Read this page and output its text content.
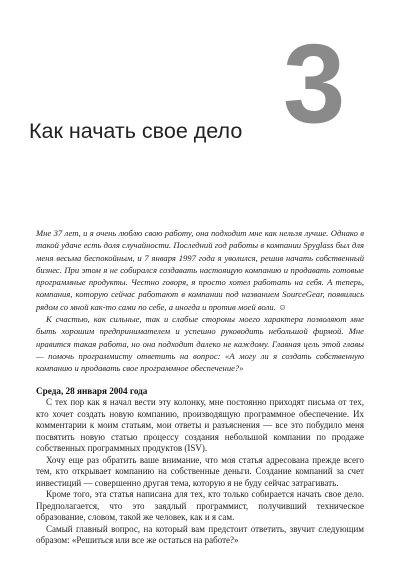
3
Как начать свое дело

Мне 37 лет, и я очень люблю свою работу, она подходит мне как нельзя лучше. Однако в такой удаче есть доля случайности. Последний год работы в компании Spyglass был для меня весьма беспокойным, и 7 января 1997 года я уволился, решив начать собственный бизнес. При этом я не собирался создавать настоящую компанию и продавать готовые программные продукты. Честно говоря, я просто хотел работать на себя. А теперь, компания, которую сейчас работают в компании под названием SourceGear, появились рядом со мной как-то сами по себе, а иногда и против моей воли. ☺

К счастью, как сильные, так и слабые стороны моего характера позволяют мне быть хорошим предпринимателем и успешно руководить небольшой фирмой. Мне нравится такая работа, но она подходит далеко не каждому. Главная цель этой главы — помочь программисту ответить на вопрос: «А могу ли я создать собственную компанию и продавать свое программное обеспечение?»

Среда, 28 января 2004 года

С тех пор как я начал вести эту колонку, мне постоянно приходят письма от тех, кто хочет создать новую компанию, производящую программное обеспечение. Их комментарии к моим статьям, мои ответы и разъяснения — все это побудило меня посвятить новую статью процессу создания небольшой компании по продаже собственных программных продуктов (ISV).

Хочу еще раз обратить ваше внимание, что моя статья адресована прежде всего тем, кто открывает компанию на собственные деньги. Создание компаний за счет инвестиций — совершенно другая тема, которую я не буду сейчас затрагивать.

Кроме того, эта статья написана для тех, кто только собирается начать свое дело. Предполагается, что это заядлый программист, получивший техническое образование, словом, такой же человек, как и я сам.

Самый главный вопрос, на который вам предстоит ответить, звучит следующим образом: «Решиться или все же остаться на работе?»
